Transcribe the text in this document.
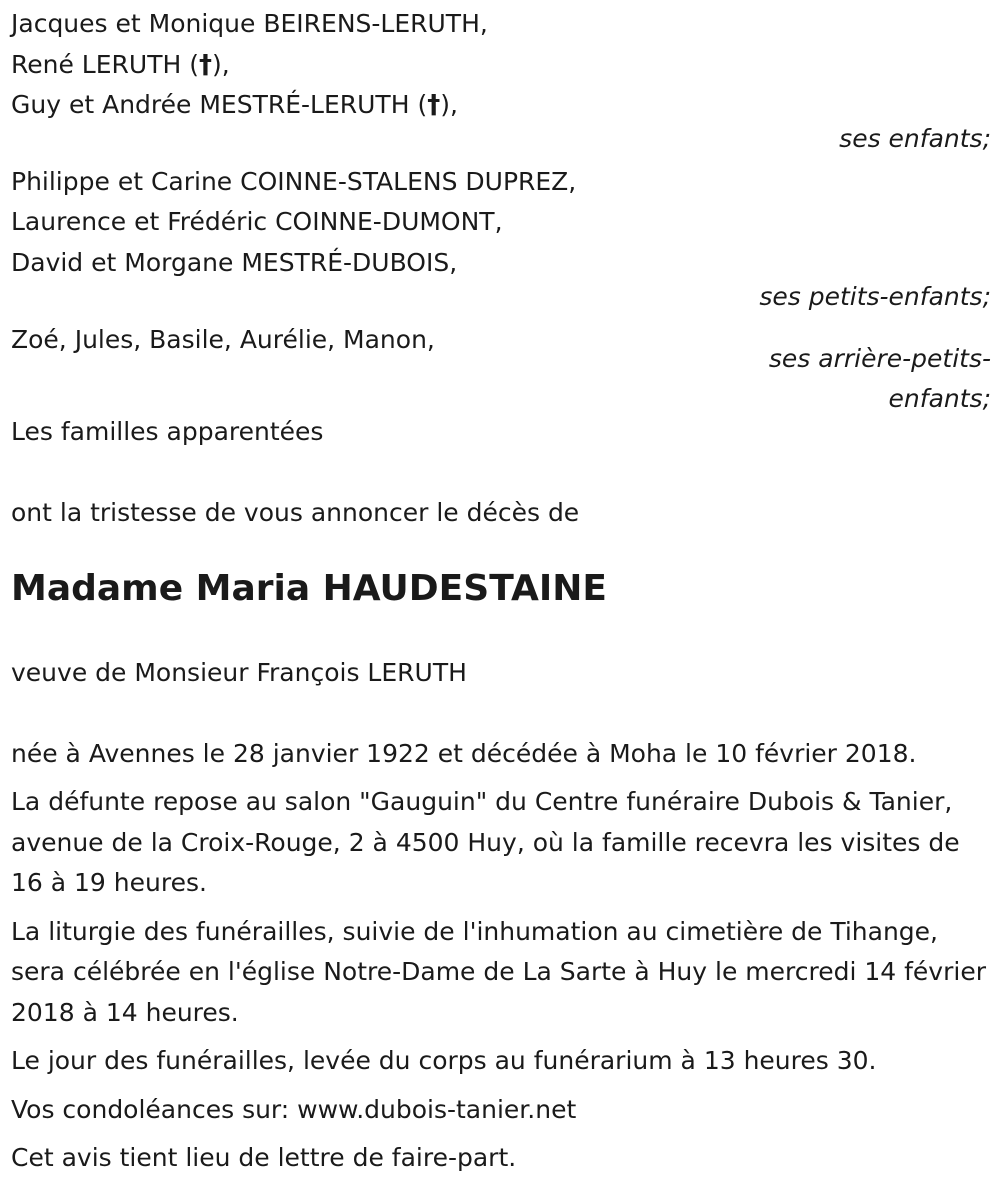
Jacques et Monique BEIRENS-LERUTH,
René LERUTH (†),
Guy et Andrée MESTRÉ-LERUTH (†),
ses enfants;
Philippe et Carine COINNE-STALENS DUPREZ,
Laurence et Frédéric COINNE-DUMONT,
David et Morgane MESTRÉ-DUBOIS,
ses petits-enfants;
Zoé, Jules, Basile, Aurélie, Manon,
ses arrière-petits-
enfants;
Les familles apparentées
ont la tristesse de vous annoncer le décès de
Madame Maria HAUDESTAINE
veuve de Monsieur François LERUTH
née à Avennes le 28 janvier 1922 et décédée à Moha le 10 février 2018.

La défunte repose au salon "Gauguin" du Centre funéraire Dubois & Tanier, avenue de la Croix-Rouge, 2 à 4500 Huy, où la famille recevra les visites de 16 à 19 heures.

La liturgie des funérailles, suivie de l'inhumation au cimetière de Tihange, sera célébrée en l'église Notre-Dame de La Sarte à Huy le mercredi 14 février 2018 à 14 heures.

Le jour des funérailles, levée du corps au funérarium à 13 heures 30.

Vos condoléances sur: www.dubois-tanier.net

Cet avis tient lieu de lettre de faire-part.
